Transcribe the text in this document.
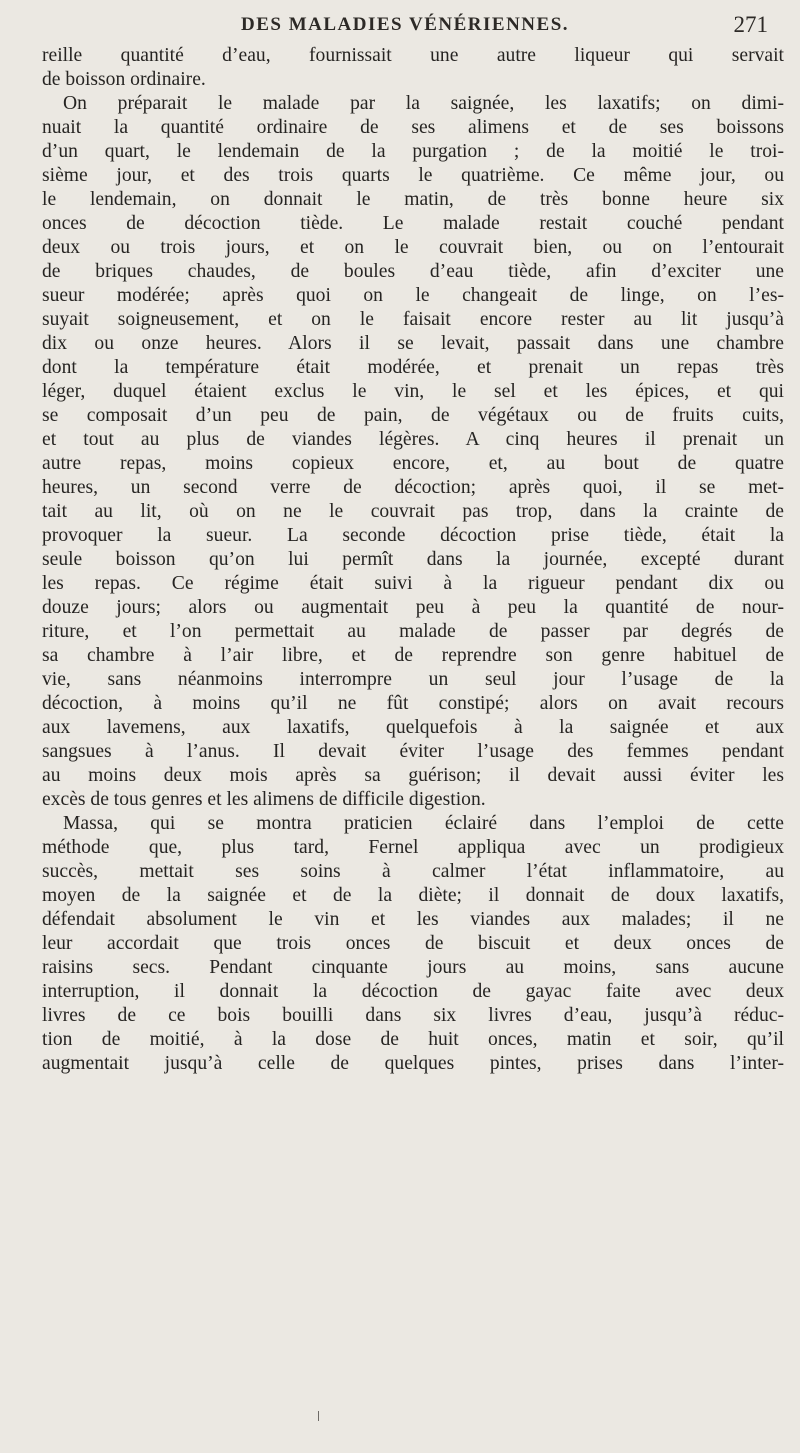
DES MALADIES VÉNÉRIENNES.	271
reille quantité d’eau, fournissait une autre liqueur qui servait
de boisson ordinaire.
On préparait le malade par la saignée, les laxatifs; on dimi-
nuait la quantité ordinaire de ses alimens et de ses boissons
d’un quart, le lendemain de la purgation ; de la moitié le troi-
sième jour, et des trois quarts le quatrième. Ce même jour, ou
le lendemain, on donnait le matin, de très bonne heure six
onces de décoction tiède. Le malade restait couché pendant
deux ou trois jours, et on le couvrait bien, ou on l’entourait
de briques chaudes, de boules d’eau tiède, afin d’exciter une
sueur modérée; après quoi on le changeait de linge, on l’es-
suyait soigneusement, et on le faisait encore rester au lit jusqu’à
dix ou onze heures. Alors il se levait, passait dans une chambre
dont la température était modérée, et prenait un repas très
léger, duquel étaient exclus le vin, le sel et les épices, et qui
se composait d’un peu de pain, de végétaux ou de fruits cuits,
et tout au plus de viandes légères. A cinq heures il prenait un
autre repas, moins copieux encore, et, au bout de quatre
heures, un second verre de décoction; après quoi, il se met-
tait au lit, où on ne le couvrait pas trop, dans la crainte de
provoquer la sueur. La seconde décoction prise tiède, était la
seule boisson qu’on lui permît dans la journée, excepté durant
les repas. Ce régime était suivi à la rigueur pendant dix ou
douze jours; alors ou augmentait peu à peu la quantité de nour-
riture, et l’on permettait au malade de passer par degrés de
sa chambre à l’air libre, et de reprendre son genre habituel de
vie, sans néanmoins interrompre un seul jour l’usage de la
décoction, à moins qu’il ne fût constipé; alors on avait recours
aux lavemens, aux laxatifs, quelquefois à la saignée et aux
sangsues à l’anus. Il devait éviter l’usage des femmes pendant
au moins deux mois après sa guérison; il devait aussi éviter les
excès de tous genres et les alimens de difficile digestion.
Massa, qui se montra praticien éclairé dans l’emploi de cette
méthode que, plus tard, Fernel appliqua avec un prodigieux
succès, mettait ses soins à calmer l’état inflammatoire, au
moyen de la saignée et de la diète; il donnait de doux laxatifs,
défendait absolument le vin et les viandes aux malades; il ne
leur accordait que trois onces de biscuit et deux onces de
raisins secs. Pendant cinquante jours au moins, sans aucune
interruption, il donnait la décoction de gayac faite avec deux
livres de ce bois bouilli dans six livres d’eau, jusqu’à réduc-
tion de moitié, à la dose de huit onces, matin et soir, qu’il
augmentait jusqu’à celle de quelques pintes, prises dans l’inter-
